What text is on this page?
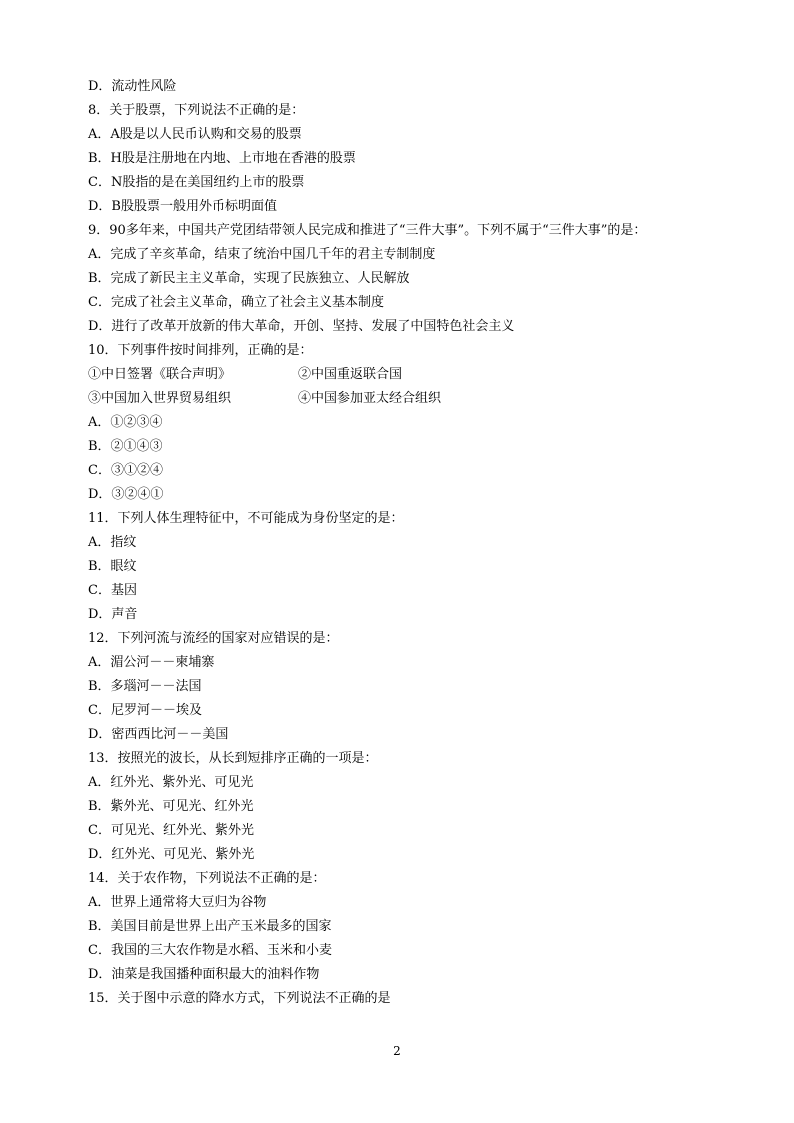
D．流动性风险
8．关于股票，下列说法不正确的是：
A．A股是以人民币认购和交易的股票
B．H股是注册地在内地、上市地在香港的股票
C．N股指的是在美国纽约上市的股票
D．B股股票一般用外币标明面值
9．90多年来，中国共产党团结带领人民完成和推进了“三件大事”。下列不属于“三件大事”的是：
A．完成了辛亥革命，结束了统治中国几千年的君主专制制度
B．完成了新民主主义革命，实现了民族独立、人民解放
C．完成了社会主义革命，确立了社会主义基本制度
D．进行了改革开放新的伟大革命，开创、坚持、发展了中国特色社会主义
10．下列事件按时间排列，正确的是：
①中日签署《联合声明》	②中国重返联合国
③中国加入世界贸易组织	④中国参加亚太经合组织
A．①②③④
B．②①④③
C．③①②④
D．③②④①
11．下列人体生理特征中，不可能成为身份坚定的是：
A．指纹
B．眼纹
C．基因
D．声音
12．下列河流与流经的国家对应错误的是：
A．湄公河－－柬埔寨
B．多瑙河－－法国
C．尼罗河－－埃及
D．密西西比河－－美国
13．按照光的波长，从长到短排序正确的一项是：
A．红外光、紫外光、可见光
B．紫外光、可见光、红外光
C．可见光、红外光、紫外光
D．红外光、可见光、紫外光
14．关于农作物，下列说法不正确的是：
A．世界上通常将大豆归为谷物
B．美国目前是世界上出产玉米最多的国家
C．我国的三大农作物是水稻、玉米和小麦
D．油菜是我国播种面积最大的油料作物
15．关于图中示意的降水方式，下列说法不正确的是
2
